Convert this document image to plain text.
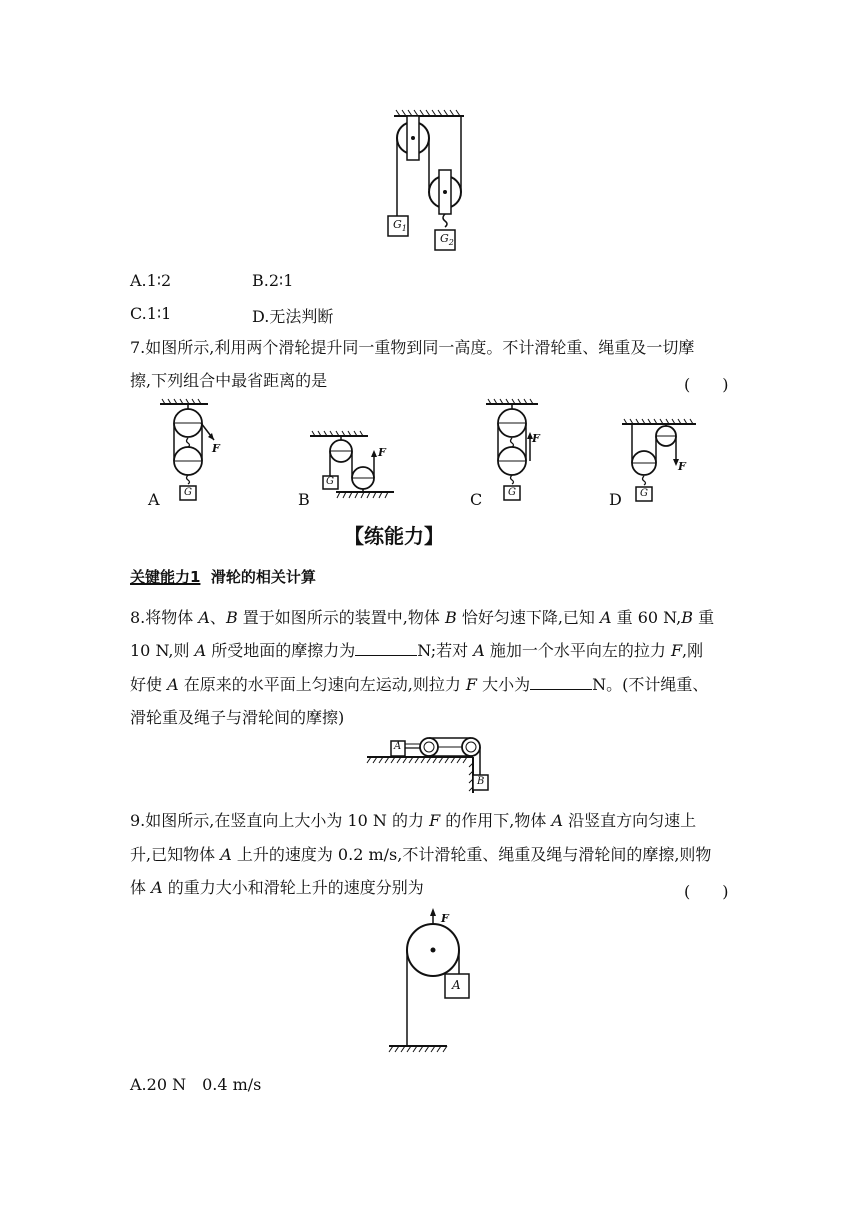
$G_1$
$G_2$
A.1∶2	B.2∶1
C.1∶1	D.无法判断
7.如图所示,利用两个滑轮提升同一重物到同一高度。不计滑轮重、绳重及一切摩
擦,下列组合中最省距离的是	(　　)
F
G
A
F
G
B
F
G
C
F
G
D
【练能力】
关键能力1 滑轮的相关计算
8.将物体 A、B 置于如图所示的装置中,物体 B 恰好匀速下降,已知 A 重 60 N,B 重
10 N,则 A 所受地面的摩擦力为	N;若对 A 施加一个水平向左的拉力 F,刚
好使 A 在原来的水平面上匀速向左运动,则拉力 F 大小为	N。(不计绳重、
滑轮重及绳子与滑轮间的摩擦)
A
B
9.如图所示,在竖直向上大小为 10 N 的力 F 的作用下,物体 A 沿竖直方向匀速上
升,已知物体 A 上升的速度为 0.2 m/s,不计滑轮重、绳重及绳与滑轮间的摩擦,则物
体 A 的重力大小和滑轮上升的速度分别为	(　　)
F
A
A.20 N　0.4 m/s
